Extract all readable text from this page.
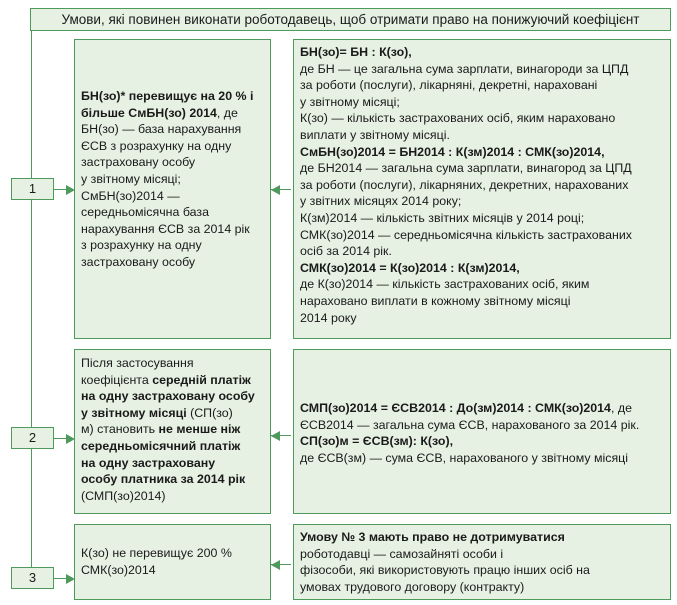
Умови, які повинен виконати роботодавець, щоб отримати право на понижуючий коефіцієнт
1
2
3

БН(зо)* перевищує на 20 % і

більше СмБН(зо) 2014, де

БН(зо) — база нарахування

ЄСВ з розрахунку на одну

застраховану особу

у звітному місяці;

СмБН(зо)2014 —

середньомісячна база

нарахування ЄСВ за 2014 рік

з розрахунку на одну

застраховану особу

БН(зо)= БН : К(зо),

де БН — це загальна сума зарплати, винагороди за ЦПД

за роботи (послуги), лікарняні, декретні, нараховані

у звітному місяці;

К(зо) — кількість застрахованих осіб, яким нараховано

виплати у звітному місяці.

СмБН(зо)2014 = БН2014 : К(зм)2014 : СМК(зо)2014,

де БН2014 — загальна сума зарплати, винагород за ЦПД

за роботи (послуги), лікарняних, декретних, нарахованих

у звітних місяцях 2014 року;

К(зм)2014 — кількість звітних місяців у 2014 році;

СМК(зо)2014 — середньомісячна кількість застрахованих

осіб за 2014 рік.

СМК(зо)2014 = К(зо)2014 : К(зм)2014,

де К(зо)2014 — кількість застрахованих осіб, яким

нараховано виплати в кожному звітному місяці

2014 року

Після застосування

коефіцієнта середній платіж

на одну застраховану особу

у звітному місяці (СП(зо)

м) становить не менше ніж

середньомісячний платіж

на одну застраховану

особу платника за 2014 рік

(СМП(зо)2014)

СМП(зо)2014 = ЄСВ2014 : До(зм)2014 : СМК(зо)2014, де

ЄСВ2014 — загальна сума ЄСВ, нарахованого за 2014 рік.

СП(зо)м = ЄСВ(зм): К(зо),

де ЄСВ(зм) — сума ЄСВ, нарахованого у звітному місяці

К(зо) не перевищує 200 %

СМК(зо)2014

Умову № 3 мають право не дотримуватися

роботодавці — самозайняті особи і

фізособи, які використовують працю інших осіб на

умовах трудового договору (контракту)
